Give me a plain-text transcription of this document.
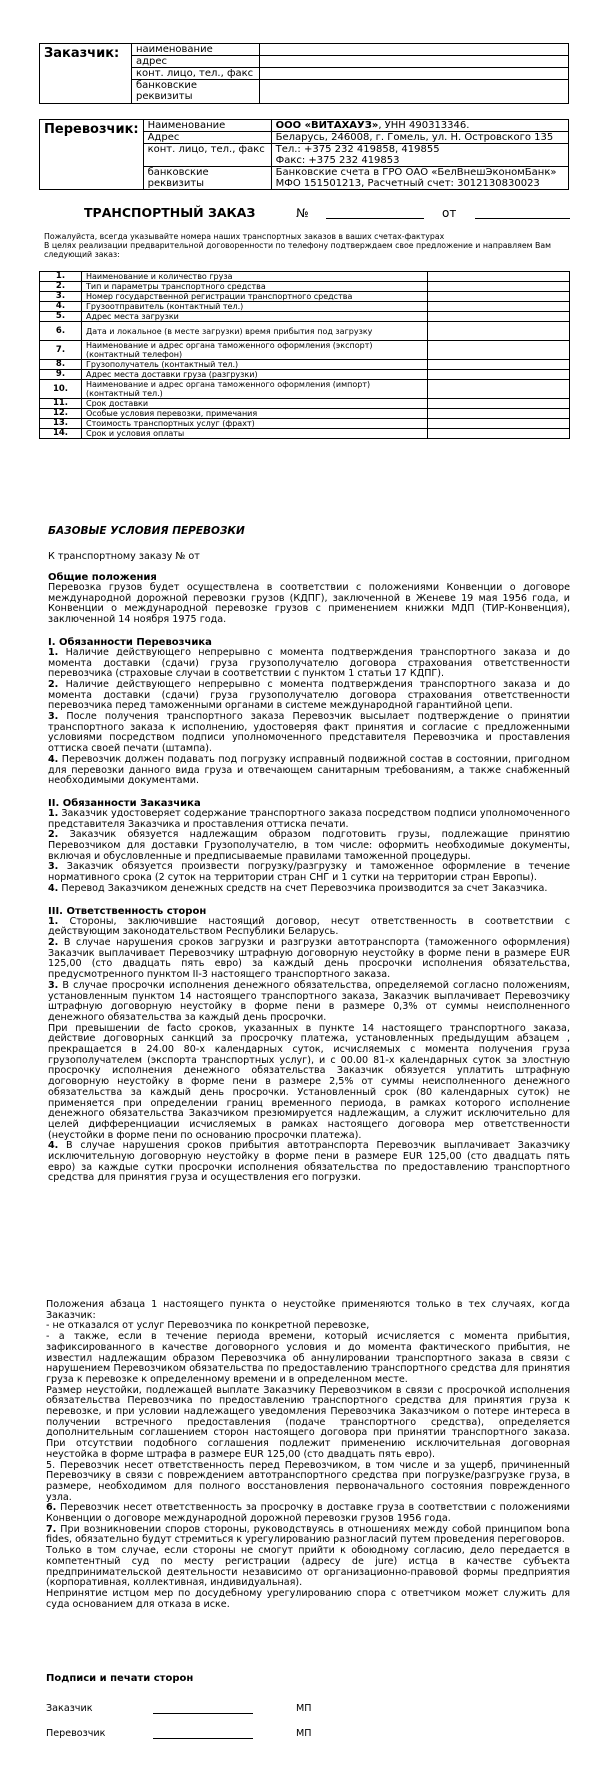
Заказчик:	наименование	
	адрес	
	конт. лицо, тел., факс	
	банковские реквизиты	
Перевозчик:	Наименование	ООО «ВИТАХАУЗ», УНН 490313346.
	Адрес	Беларусь, 246008, г. Гомель, ул. Н. Островского 135
	конт. лицо, тел., факс	Тел.: +375 232 419858, 419855
Факс: +375 232 419853
	банковские реквизиты	Банковские счета в ГРО ОАО «БелВнешЭкономБанк»
МФО 151501213, Расчетный счет: 3012130830023
ТРАНСПОРТНЫЙ ЗАКАЗ	№	от
Пожалуйста, всегда указывайте номера наших транспортных заказов в ваших счетах-фактурах
В целях реализации предварительной договоренности по телефону подтверждаем свое предложение и направляем Вам следующий заказ:
1.	Наименование и количество груза	
2.	Тип и параметры транспортного средства	
3.	Номер государственной регистрации транспортного средства	
4.	Грузоотправитель (контактный тел.)	
5.	Адрес места загрузки	
6.	Дата и локальное (в месте загрузки) время прибытия под загрузку	
7.	Наименование и адрес органа таможенного оформления (экспорт) (контактный телефон)	
8.	Грузополучатель (контактный тел.)	
9.	Адрес места доставки груза (разгрузки)	
10.	Наименование и адрес органа таможенного оформления (импорт) (контактный тел.)	
11.	Срок доставки	
12.	Особые условия перевозки, примечания	
13.	Стоимость транспортных услуг (фрахт)	
14.	Срок и условия оплаты	
БАЗОВЫЕ УСЛОВИЯ ПЕРЕВОЗКИ
К транспортному заказу № от
Общие положения
Перевозка грузов будет осуществлена в соответствии с положениями Конвенции о договоре международной дорожной перевозки грузов (КДПГ), заключенной в Женеве 19 мая 1956 года, и Конвенции о международной перевозке грузов с применением книжки МДП (ТИР-Конвенция), заключенной 14 ноября 1975 года.
I. Обязанности Перевозчика

1. Наличие действующего непрерывно с момента подтверждения транспортного заказа и до момента доставки (сдачи) груза грузополучателю договора страхования ответственности перевозчика (страховые случаи в соответствии с пунктом 1 статьи 17 КДПГ).

2. Наличие действующего непрерывно с момента подтверждения транспортного заказа и до момента доставки (сдачи) груза грузополучателю договора страхования ответственности перевозчика перед таможенными органами в системе международной гарантийной цепи.

3. После получения транспортного заказа Перевозчик высылает подтверждение о принятии транспортного заказа к исполнению, удостоверяя факт принятия и согласие с предложенными условиями посредством подписи уполномоченного представителя Перевозчика и проставления оттиска своей печати (штампа).

4. Перевозчик должен подавать под погрузку исправный подвижной состав в состоянии, пригодном для перевозки данного вида груза и отвечающем санитарным требованиям, а также снабженный необходимыми документами.

II. Обязанности Заказчика

1. Заказчик удостоверяет содержание транспортного заказа посредством подписи уполномоченного представителя Заказчика и проставления оттиска печати.

2. Заказчик обязуется надлежащим образом подготовить грузы, подлежащие принятию Перевозчиком для доставки Грузополучателю, в том числе: оформить необходимые документы, включая и обусловленные и предписываемые правилами таможенной процедуры.

3. Заказчик обязуется произвести погрузку/разгрузку и таможенное оформление в течение нормативного срока (2 суток на территории стран СНГ и 1 сутки на территории стран Европы).

4. Перевод Заказчиком денежных средств на счет Перевозчика производится за счет Заказчика.

III. Ответственность сторон

1. Стороны, заключившие настоящий договор, несут ответственность в соответствии с действующим законодательством Республики Беларусь.

2. В случае нарушения сроков загрузки и разгрузки автотранспорта (таможенного оформления) Заказчик выплачивает Перевозчику штрафную договорную неустойку в форме пени в размере EUR 125,00 (сто двадцать пять евро) за каждый день просрочки исполнения обязательства, предусмотренного пунктом II-3 настоящего транспортного заказа.

3. В случае просрочки исполнения денежного обязательства, определяемой согласно положениям, установленным пунктом 14 настоящего транспортного заказа, Заказчик выплачивает Перевозчику штрафную договорную неустойку в форме пени в размере 0,3% от суммы неисполненного денежного обязательства за каждый день просрочки.

При превышении de facto сроков, указанных в пункте 14 настоящего транспортного заказа, действие договорных санкций за просрочку платежа, установленных предыдущим абзацем , прекращается в 24.00 80-х календарных суток, исчисляемых с момента получения груза грузополучателем (экспорта транспортных услуг), и с 00.00 81-х календарных суток за злостную просрочку исполнения денежного обязательства Заказчик обязуется уплатить штрафную договорную неустойку в форме пени в размере 2,5% от суммы неисполненного денежного обязательства за каждый день просрочки. Установленный срок (80 календарных суток) не применяется при определении границ временного периода, в рамках которого исполнение денежного обязательства Заказчиком презюмируется надлежащим, а служит исключительно для целей дифференциации исчисляемых в рамках настоящего договора мер ответственности (неустойки в форме пени по основанию просрочки платежа).

4. В случае нарушения сроков прибытия автотранспорта Перевозчик выплачивает Заказчику исключительную договорную неустойку в форме пени в размере EUR 125,00 (сто двадцать пять евро) за каждые сутки просрочки исполнения обязательства по предоставлению транспортного средства для принятия груза и осуществления его погрузки.

Положения абзаца 1 настоящего пункта о неустойке применяются только в тех случаях, когда Заказчик:

- не отказался от услуг Перевозчика по конкретной перевозке,

- а также, если в течение периода времени, который исчисляется с момента прибытия, зафиксированного в качестве договорного условия и до момента фактического прибытия, не известил надлежащим образом Перевозчика об аннулировании транспортного заказа в связи с нарушением Перевозчиком обязательства по предоставлению транспортного средства для принятия груза к перевозке к определенному времени и в определенном месте.

Размер неустойки, подлежащей выплате Заказчику Перевозчиком в связи с просрочкой исполнения обязательства Перевозчика по предоставлению транспортного средства для принятия груза к перевозке, и при условии надлежащего уведомления Перевозчика Заказчиком о потере интереса в получении встречного предоставления (подаче транспортного средства), определяется дополнительным соглашением сторон настоящего договора при принятии транспортного заказа. При отсутствии подобного соглашения подлежит применению исключительная договорная неустойка в форме штрафа в размере EUR 125,00 (сто двадцать пять евро).

5. Перевозчик несет ответственность перед Перевозчиком, в том числе и за ущерб, причиненный Перевозчику в связи с повреждением автотранспортного средства при погрузке/разгрузке груза, в размере, необходимом для полного восстановления первоначального состояния поврежденного узла.

6. Перевозчик несет ответственность за просрочку в доставке груза в соответствии с положениями Конвенции о договоре международной дорожной перевозки грузов 1956 года.

7. При возникновении споров стороны, руководствуясь в отношениях между собой принципом bona fides, обязательно будут стремиться к урегулированию разногласий путем проведения переговоров.

Только в том случае, если стороны не смогут прийти к обоюдному согласию, дело передается в компетентный суд по месту регистрации (адресу de jure) истца в качестве субъекта предпринимательской деятельности независимо от организационно-правовой формы предприятия (корпоративная, коллективная, индивидуальная).

Непринятие истцом мер по досудебному урегулированию спора с ответчиком может служить для суда основанием для отказа в иске.

Подписи и печати сторон
Заказчик	МП
Перевозчик	МП
